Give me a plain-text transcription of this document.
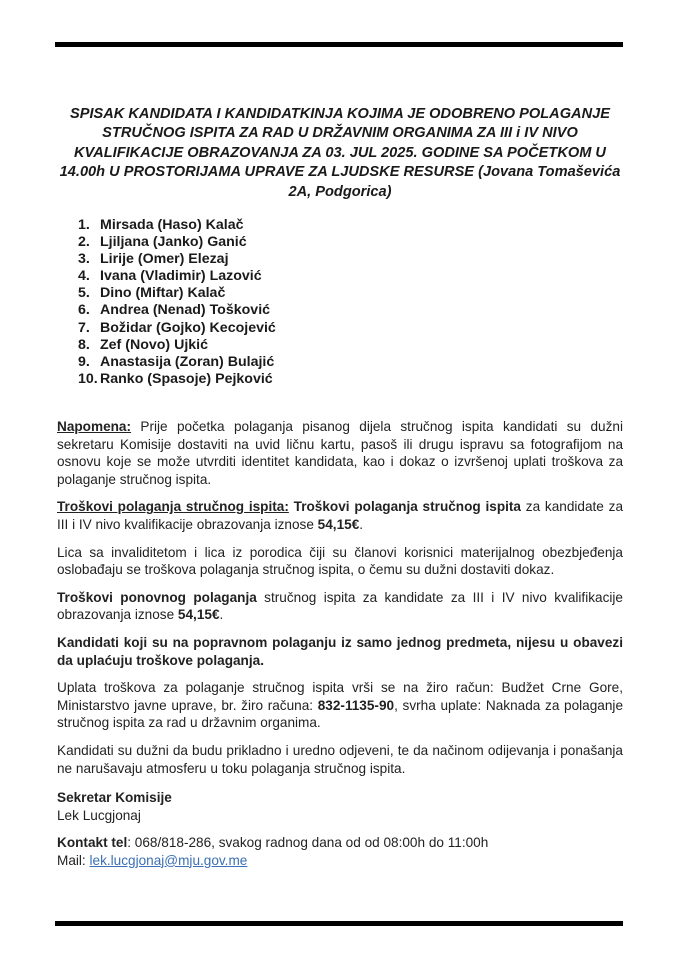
SPISAK KANDIDATA I KANDIDATKINJA KOJIMA JE ODOBRENO POLAGANJE
STRUČNOG ISPITA ZA RAD U DRŽAVNIM ORGANIMA ZA III i IV NIVO
KVALIFIKACIJE OBRAZOVANJA ZA 03. JUL 2025. GODINE SA POČETKOM U
14.00h U PROSTORIJAMA UPRAVE ZA LJUDSKE RESURSE (Jovana Tomaševića
2A, Podgorica)
1. Mirsada (Haso) Kalač
2. Ljiljana (Janko) Ganić
3. Lirije (Omer) Elezaj
4. Ivana (Vladimir) Lazović
5. Dino (Miftar) Kalač
6. Andrea (Nenad) Tošković
7. Božidar (Gojko) Kecojević
8. Zef (Novo) Ujkić
9. Anastasija (Zoran) Bulajić
10. Ranko (Spasoje) Pejković

Napomena: Prije početka polaganja pisanog dijela stručnog ispita kandidati su dužni sekretaru Komisije dostaviti na uvid ličnu kartu, pasoš ili drugu ispravu sa fotografijom na osnovu koje se može utvrditi identitet kandidata, kao i dokaz o izvršenoj uplati troškova za polaganje stručnog ispita.

Troškovi polaganja stručnog ispita: Troškovi polaganja stručnog ispita za kandidate za III i IV nivo kvalifikacije obrazovanja iznose 54,15€.

Lica sa invaliditetom i lica iz porodica čiji su članovi korisnici materijalnog obezbjeđenja oslobađaju se troškova polaganja stručnog ispita, o čemu su dužni dostaviti dokaz.

Troškovi ponovnog polaganja stručnog ispita za kandidate za III i IV nivo kvalifikacije obrazovanja iznose 54,15€.

Kandidati koji su na popravnom polaganju iz samo jednog predmeta, nijesu u obavezi da uplaćuju troškove polaganja.

Uplata troškova za polaganje stručnog ispita vrši se na žiro račun: Budžet Crne Gore, Ministarstvo javne uprave, br. žiro računa: 832-1135-90, svrha uplate: Naknada za polaganje stručnog ispita za rad u državnim organima.

Kandidati su dužni da budu prikladno i uredno odjeveni, te da načinom odijevanja i ponašanja ne narušavaju atmosferu u toku polaganja stručnog ispita.

Sekretar Komisije
Lek Lucgjonaj

Kontakt tel: 068/818-286, svakog radnog dana od od 08:00h do 11:00h
Mail: lek.lucgjonaj@mju.gov.me
